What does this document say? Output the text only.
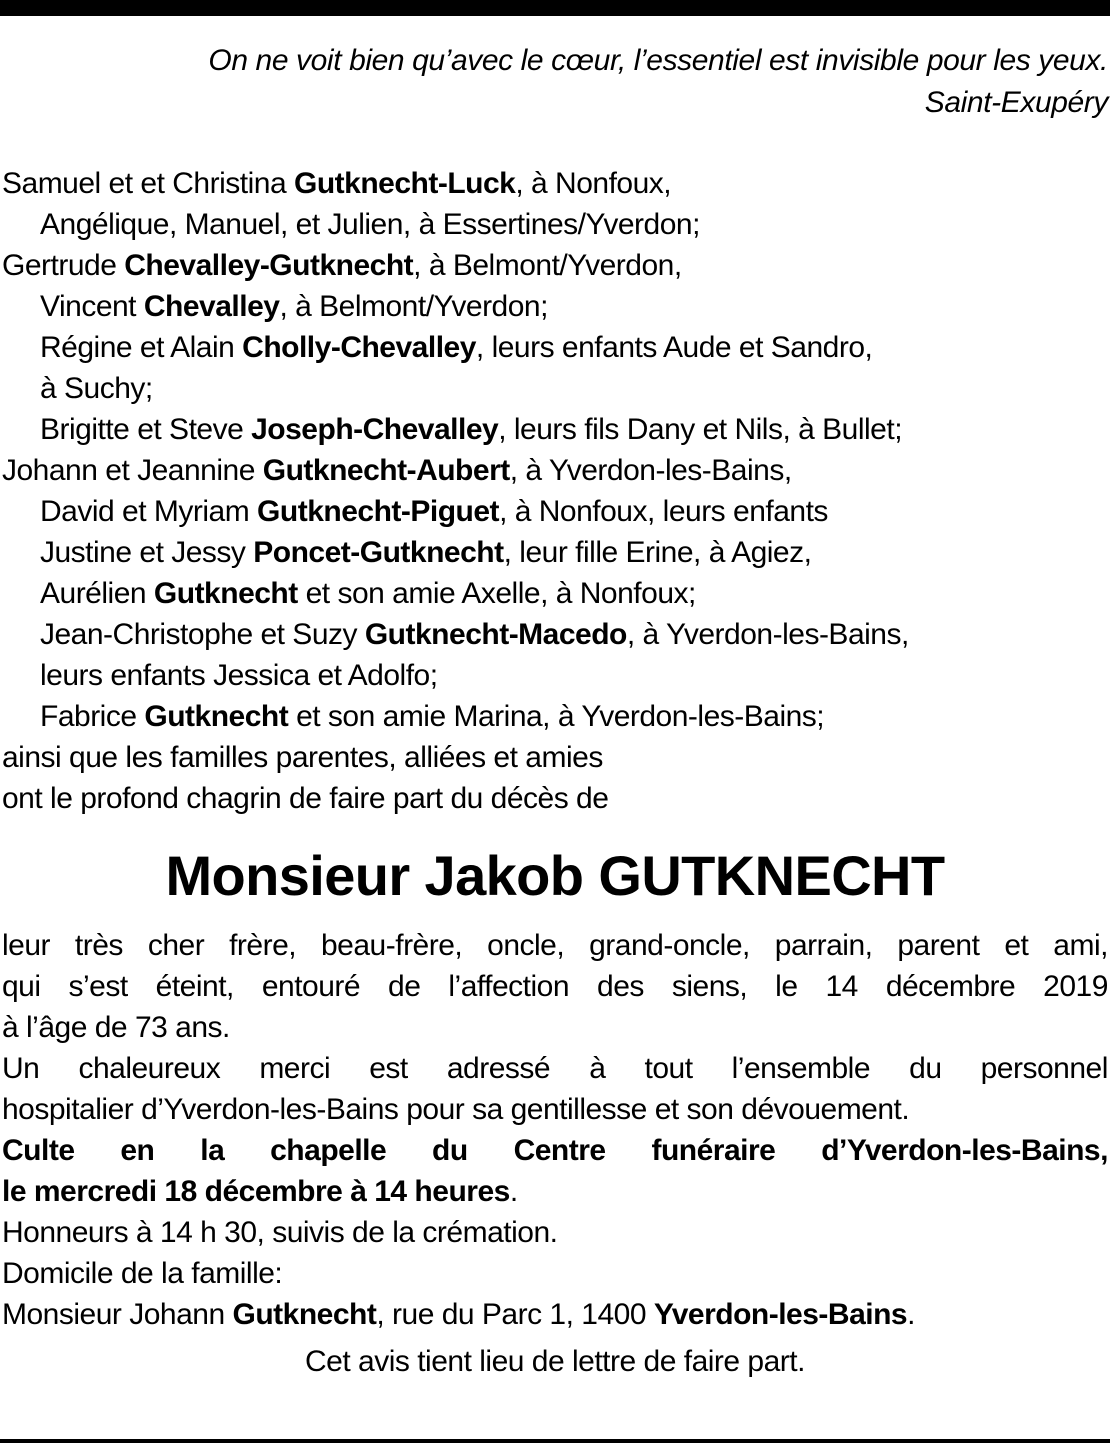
On ne voit bien qu’avec le cœur, l’essentiel est invisible pour les yeux.
Saint-Exupéry
Samuel et et Christina Gutknecht-Luck, à Nonfoux,
Angélique, Manuel, et Julien, à Essertines/Yverdon;
Gertrude Chevalley-Gutknecht, à Belmont/Yverdon,
Vincent Chevalley, à Belmont/Yverdon;
Régine et Alain Cholly-Chevalley, leurs enfants Aude et Sandro,
à Suchy;
Brigitte et Steve Joseph-Chevalley, leurs fils Dany et Nils, à Bullet;
Johann et Jeannine Gutknecht-Aubert, à Yverdon-les-Bains,
David et Myriam Gutknecht-Piguet, à Nonfoux, leurs enfants
Justine et Jessy Poncet-Gutknecht, leur fille Erine, à Agiez,
Aurélien Gutknecht et son amie Axelle, à Nonfoux;
Jean-Christophe et Suzy Gutknecht-Macedo, à Yverdon-les-Bains,
leurs enfants Jessica et Adolfo;
Fabrice Gutknecht et son amie Marina, à Yverdon-les-Bains;
ainsi que les familles parentes, alliées et amies
ont le profond chagrin de faire part du décès de
Monsieur Jakob GUTKNECHT
leur très cher frère, beau-frère, oncle, grand-oncle, parrain, parent et ami,
qui s’est éteint, entouré de l’affection des siens, le 14 décembre 2019
à l’âge de 73 ans.
Un chaleureux merci est adressé à tout l’ensemble du personnel
hospitalier d’Yverdon-les-Bains pour sa gentillesse et son dévouement.
Culte en la chapelle du Centre funéraire d’Yverdon-les-Bains,
le mercredi 18 décembre à 14 heures.
Honneurs à 14 h 30, suivis de la crémation.
Domicile de la famille:
Monsieur Johann Gutknecht, rue du Parc 1, 1400 Yverdon-les-Bains.
Cet avis tient lieu de lettre de faire part.
